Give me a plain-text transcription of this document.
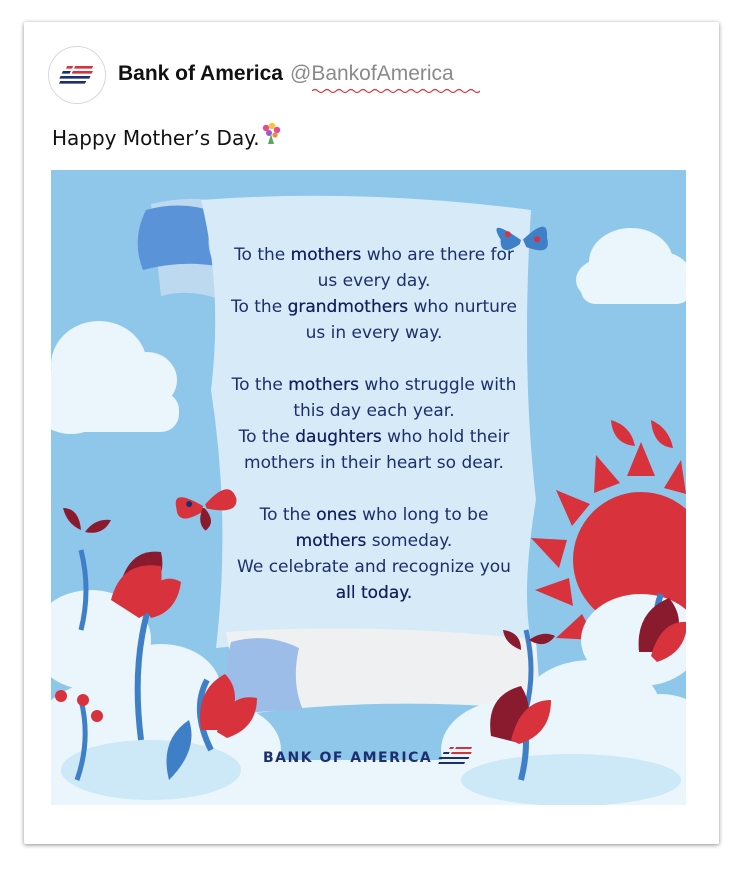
Bank of America @BankofAmerica
Happy Mother’s Day.

To the mothers who are there for us every day.
To the grandmothers who nurture us in every way.

To the mothers who struggle with this day each year.
To the daughters who hold their mothers in their heart so dear.

To the ones who long to be mothers someday.
We celebrate and recognize you all today.

BANK OF AMERICA
